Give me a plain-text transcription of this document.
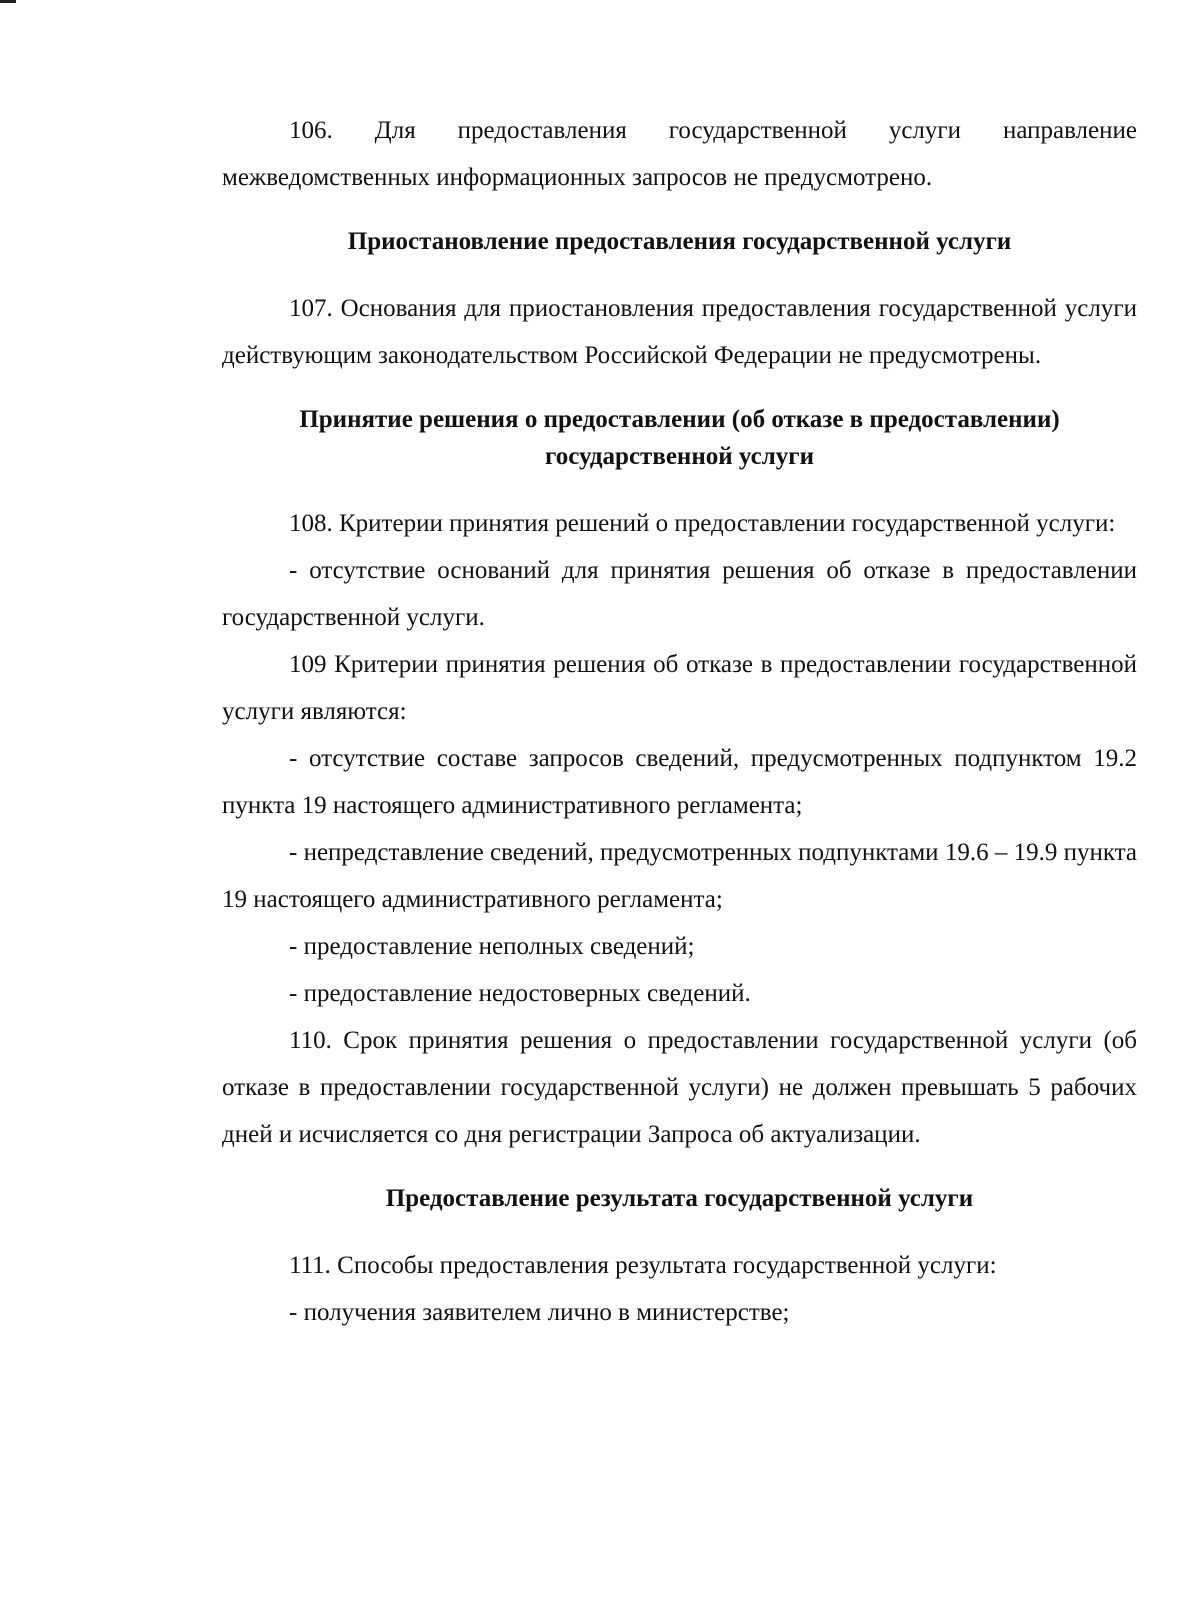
106. Для предоставления государственной услуги направление межведомственных информационных запросов не предусмотрено.

Приостановление предоставления государственной услуги

107. Основания для приостановления предоставления государственной услуги действующим законодательством Российской Федерации не предусмотрены.

Принятие решения о предоставлении (об отказе в предоставлении) государственной услуги

108. Критерии принятия решений о предоставлении государственной услуги:

- отсутствие оснований для принятия решения об отказе в предоставлении государственной услуги.

109 Критерии принятия решения об отказе в предоставлении государственной услуги являются:

- отсутствие составе запросов сведений, предусмотренных подпунктом 19.2 пункта 19 настоящего административного регламента;

- непредставление сведений, предусмотренных подпунктами 19.6 – 19.9 пункта 19 настоящего административного регламента;

- предоставление неполных сведений;

- предоставление недостоверных сведений.

110. Срок принятия решения о предоставлении государственной услуги (об отказе в предоставлении государственной услуги) не должен превышать 5 рабочих дней и исчисляется со дня регистрации Запроса об актуализации.

Предоставление результата государственной услуги

111. Способы предоставления результата государственной услуги:

- получения заявителем лично в министерстве;
